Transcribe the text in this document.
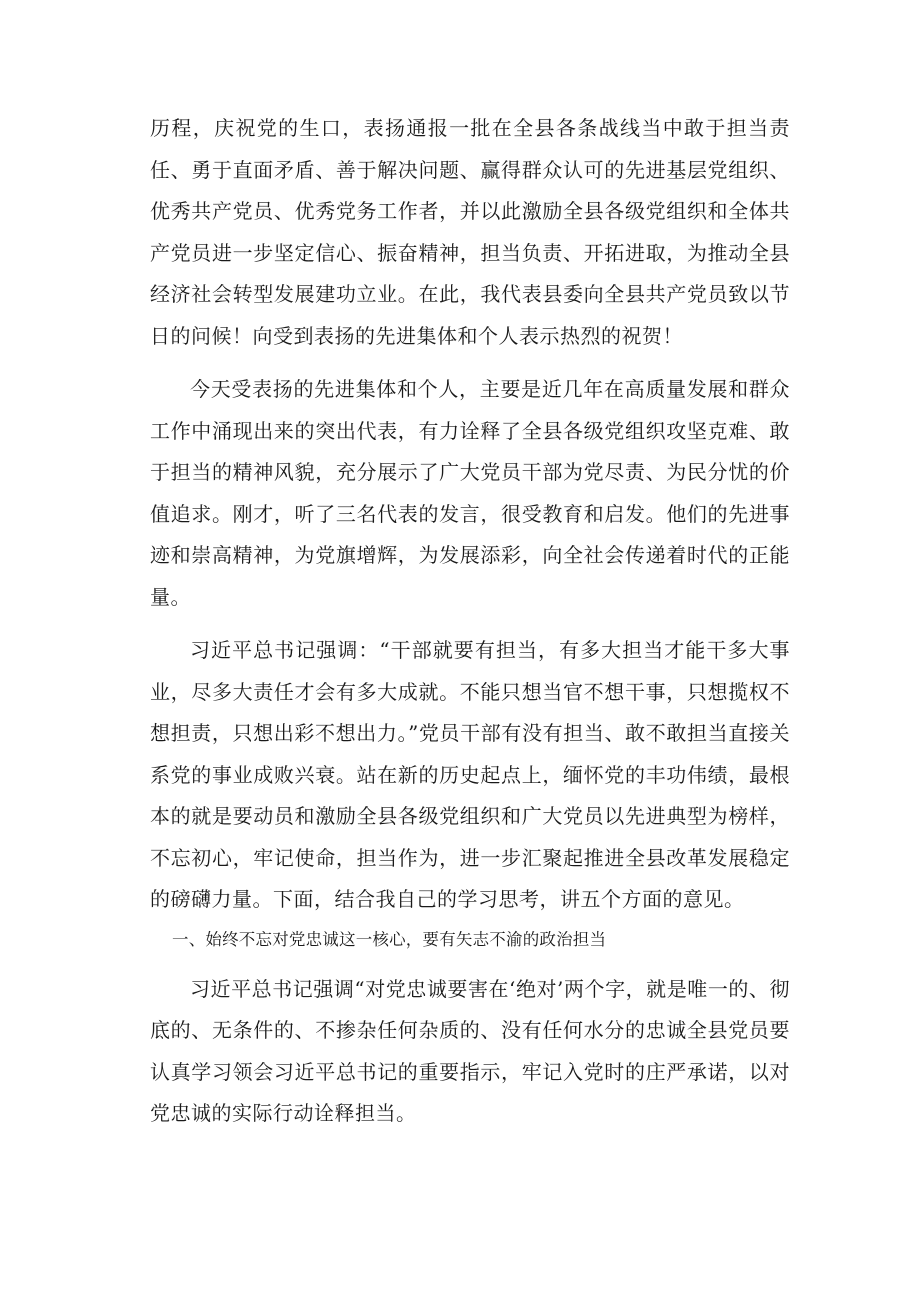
历程，庆祝党的生口，表扬通报一批在全县各条战线当中敢于担当责任、勇于直面矛盾、善于解决问题、赢得群众认可的先进基层党组织、优秀共产党员、优秀党务工作者，并以此激励全县各级党组织和全体共产党员进一步坚定信心、振奋精神，担当负责、开拓进取，为推动全县经济社会转型发展建功立业。在此，我代表县委向全县共产党员致以节日的问候！向受到表扬的先进集体和个人表示热烈的祝贺！

今天受表扬的先进集体和个人，主要是近几年在高质量发展和群众工作中涌现出来的突出代表，有力诠释了全县各级党组织攻坚克难、敢于担当的精神风貌，充分展示了广大党员干部为党尽责、为民分忧的价值追求。刚才，听了三名代表的发言，很受教育和启发。他们的先进事迹和崇高精神，为党旗增辉，为发展添彩，向全社会传递着时代的正能量。

习近平总书记强调：“干部就要有担当，有多大担当才能干多大事业，尽多大责任才会有多大成就。不能只想当官不想干事，只想揽权不想担责，只想出彩不想出力。”党员干部有没有担当、敢不敢担当直接关系党的事业成败兴衰。站在新的历史起点上，缅怀党的丰功伟绩，最根本的就是要动员和激励全县各级党组织和广大党员以先进典型为榜样，不忘初心，牢记使命，担当作为，进一步汇聚起推进全县改革发展稳定的磅礴力量。下面，结合我自己的学习思考，讲五个方面的意见。

一、始终不忘对党忠诚这一核心，要有矢志不渝的政治担当

习近平总书记强调“对党忠诚要害在‘绝对’两个字，就是唯一的、彻底的、无条件的、不掺杂任何杂质的、没有任何水分的忠诚全县党员要认真学习领会习近平总书记的重要指示，牢记入党时的庄严承诺，以对党忠诚的实际行动诠释担当。
